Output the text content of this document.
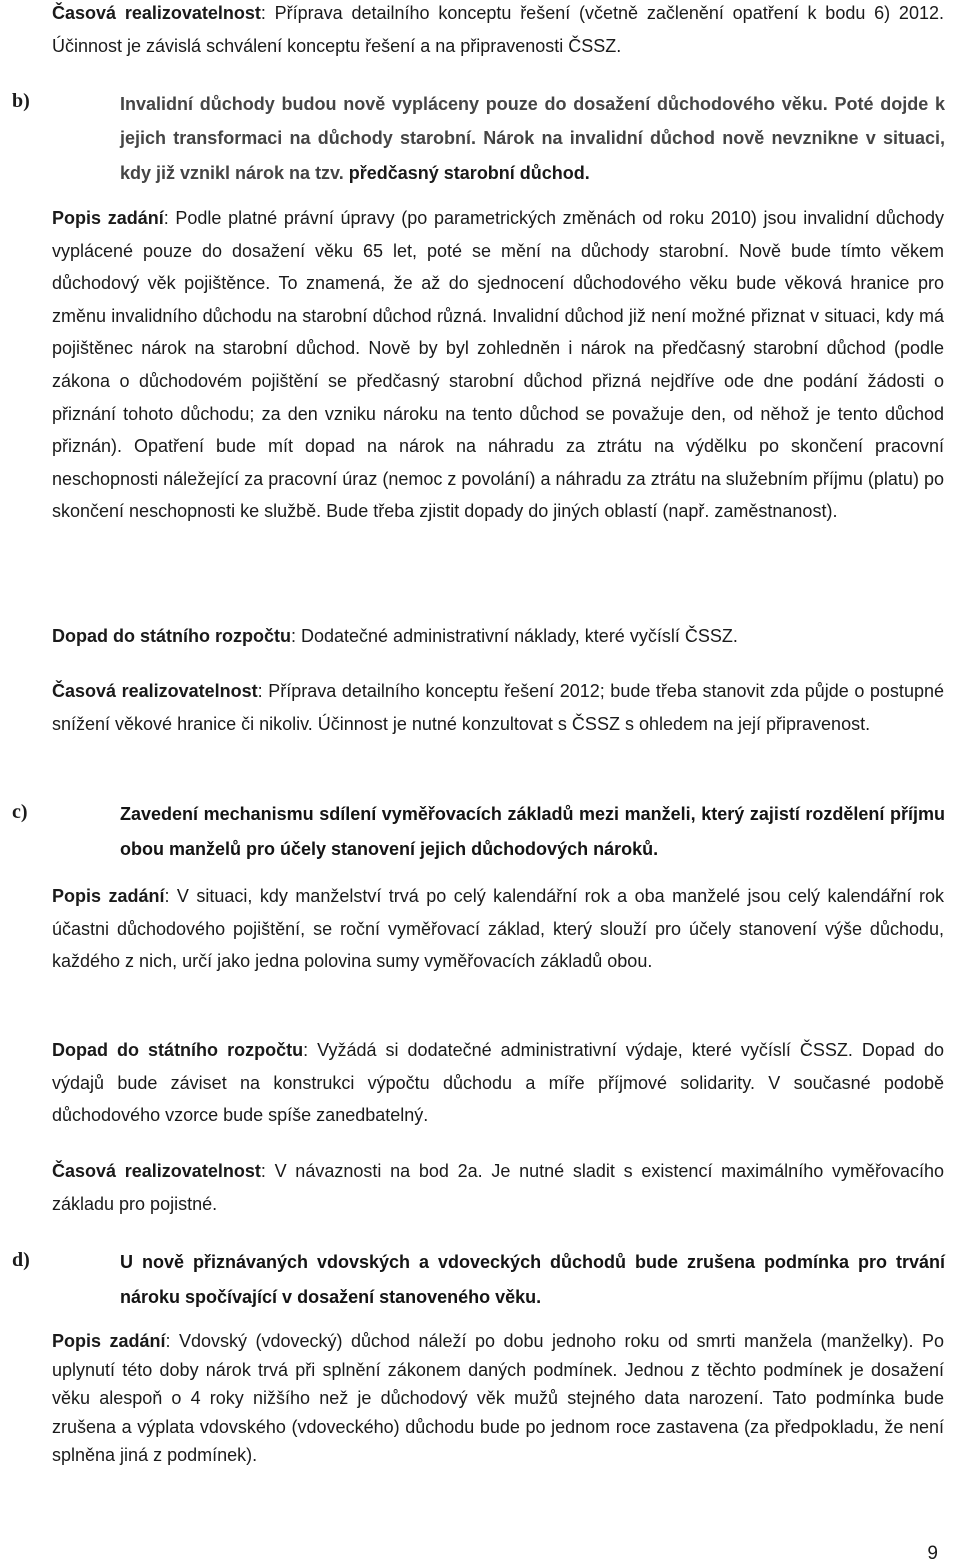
Časová realizovatelnost: Příprava detailního konceptu řešení (včetně začlenění opatření k bodu 6) 2012. Účinnost je závislá schválení konceptu řešení a na připravenosti ČSSZ.

b)	Invalidní důchody budou nově vypláceny pouze do dosažení důchodového věku. Poté dojde k jejich transformaci na důchody starobní. Nárok na invalidní důchod nově nevznikne v situaci, kdy již vznikl nárok na tzv. předčasný starobní důchod.

Popis zadání: Podle platné právní úpravy (po parametrických změnách od roku 2010) jsou invalidní důchody vyplácené pouze do dosažení věku 65 let, poté se mění na důchody starobní. Nově bude tímto věkem důchodový věk pojištěnce. To znamená, že až do sjednocení důchodového věku bude věková hranice pro změnu invalidního důchodu na starobní důchod různá. Invalidní důchod již není možné přiznat v situaci, kdy má pojištěnec nárok na starobní důchod. Nově by byl zohledněn i nárok na předčasný starobní důchod (podle zákona o důchodovém pojištění se předčasný starobní důchod přizná nejdříve ode dne podání žádosti o přiznání tohoto důchodu; za den vzniku nároku na tento důchod se považuje den, od něhož je tento důchod přiznán). Opatření bude mít dopad na nárok na náhradu za ztrátu na výdělku po skončení pracovní neschopnosti náležející za pracovní úraz (nemoc z povolání) a náhradu za ztrátu na služebním příjmu (platu) po skončení neschopnosti ke službě. Bude třeba zjistit dopady do jiných oblastí (např. zaměstnanost).

Dopad do státního rozpočtu: Dodatečné administrativní náklady, které vyčíslí ČSSZ.

Časová realizovatelnost: Příprava detailního konceptu řešení 2012; bude třeba stanovit zda půjde o postupné snížení věkové hranice či nikoliv. Účinnost je nutné konzultovat s ČSSZ s ohledem na její připravenost.

c)	Zavedení mechanismu sdílení vyměřovacích základů mezi manželi, který zajistí rozdělení příjmu obou manželů pro účely stanovení jejich důchodových nároků.

Popis zadání: V situaci, kdy manželství trvá po celý kalendářní rok a oba manželé jsou celý kalendářní rok účastni důchodového pojištění, se roční vyměřovací základ, který slouží pro účely stanovení výše důchodu, každého z nich, určí jako jedna polovina sumy vyměřovacích základů obou.

Dopad do státního rozpočtu: Vyžádá si dodatečné administrativní výdaje, které vyčíslí ČSSZ. Dopad do výdajů bude záviset na konstrukci výpočtu důchodu a míře příjmové solidarity. V současné podobě důchodového vzorce bude spíše zanedbatelný.

Časová realizovatelnost: V návaznosti na bod 2a. Je nutné sladit s existencí maximálního vyměřovacího základu pro pojistné.

d)	U nově přiznávaných vdovských a vdoveckých důchodů bude zrušena podmínka pro trvání nároku spočívající v dosažení stanoveného věku.

Popis zadání: Vdovský (vdovecký) důchod náleží po dobu jednoho roku od smrti manžela (manželky). Po uplynutí této doby nárok trvá při splnění zákonem daných podmínek. Jednou z těchto podmínek je dosažení věku alespoň o 4 roky nižšího než je důchodový věk mužů stejného data narození. Tato podmínka bude zrušena a výplata vdovského (vdoveckého) důchodu bude po jednom roce zastavena (za předpokladu, že není splněna jiná z podmínek).

9
